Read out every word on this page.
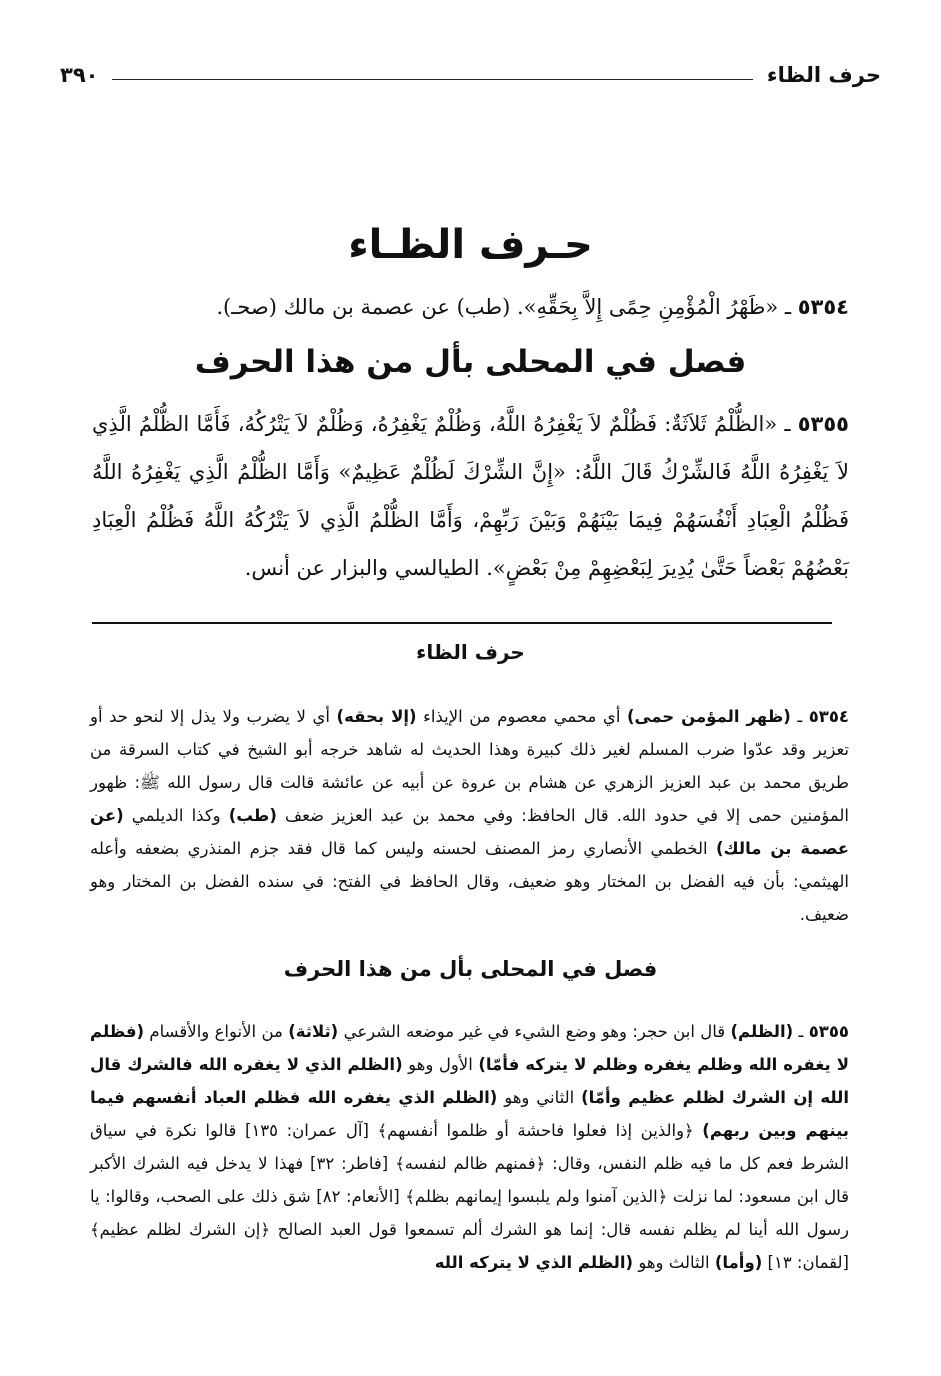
٣٩٠	حرف الظاء
حـرف الظـاء
٥٣٥٤ ـ «ظَهْرُ الْمُؤْمِنِ حِمًى إِلاَّ بِحَقِّهِ». (طب) عن عصمة بن مالك (صحـ).
فصل في المحلى بأل من هذا الحرف
٥٣٥٥ ـ «الظُّلْمُ ثَلاَثَةٌ: فَظُلْمٌ لاَ يَغْفِرُهُ اللَّهُ، وَظُلْمٌ يَغْفِرُهُ، وَظُلْمٌ لاَ يَتْرُكُهُ، فَأَمَّا الظُّلْمُ الَّذِي لاَ يَغْفِرُهُ اللَّهُ فَالشِّرْكُ قَالَ اللَّهُ: «إِنَّ الشِّرْكَ لَظُلْمٌ عَظِيمٌ» وَأَمَّا الظُّلْمُ الَّذِي يَغْفِرُهُ اللَّهُ فَظُلْمُ الْعِبَادِ أَنْفُسَهُمْ فِيمَا بَيْنَهُمْ وَبَيْنَ رَبِّهِمْ، وَأَمَّا الظُّلْمُ الَّذِي لاَ يَتْرُكُهُ اللَّهُ فَظُلْمُ الْعِبَادِ بَعْضُهُمْ بَعْضاً حَتَّىٰ يُدِيرَ لِبَعْضِهِمْ مِنْ بَعْضٍ». الطيالسي والبزار عن أنس.
حرف الظاء
٥٣٥٤ ـ (ظهر المؤمن حمى) أي محمي معصوم من الإيذاء (إلا بحقه) أي لا يضرب ولا يذل إلا لنحو حد أو تعزير وقد عدّوا ضرب المسلم لغير ذلك كبيرة وهذا الحديث له شاهد خرجه أبو الشيخ في كتاب السرقة من طريق محمد بن عبد العزيز الزهري عن هشام بن عروة عن أبيه عن عائشة قالت قال رسول الله ﷺ: ظهور المؤمنين حمى إلا في حدود الله. قال الحافظ: وفي محمد بن عبد العزيز ضعف (طب) وكذا الديلمي (عن عصمة بن مالك) الخطمي الأنصاري رمز المصنف لحسنه وليس كما قال فقد جزم المنذري بضعفه وأعله الهيثمي: بأن فيه الفضل بن المختار وهو ضعيف، وقال الحافظ في الفتح: في سنده الفضل بن المختار وهو ضعيف.
فصل في المحلى بأل من هذا الحرف
٥٣٥٥ ـ (الظلم) قال ابن حجر: وهو وضع الشيء في غير موضعه الشرعي (ثلاثة) من الأنواع والأقسام (فظلم لا يغفره الله وظلم يغفره وظلم لا يتركه فأمّا) الأول وهو (الظلم الذي لا يغفره الله فالشرك قال الله إن الشرك لظلم عظيم وأمّا) الثاني وهو (الظلم الذي يغفره الله فظلم العباد أنفسهم فيما بينهم وبين ربهم) ﴿والذين إذا فعلوا فاحشة أو ظلموا أنفسهم﴾ [آل عمران: ١٣٥] قالوا نكرة في سياق الشرط فعم كل ما فيه ظلم النفس، وقال: ﴿فمنهم ظالم لنفسه﴾ [فاطر: ٣٢] فهذا لا يدخل فيه الشرك الأكبر قال ابن مسعود: لما نزلت ﴿الذين آمنوا ولم يلبسوا إيمانهم بظلم﴾ [الأنعام: ٨٢] شق ذلك على الصحب، وقالوا: يا رسول الله أينا لم يظلم نفسه قال: إنما هو الشرك ألم تسمعوا قول العبد الصالح ﴿إن الشرك لظلم عظيم﴾ [لقمان: ١٣] (وأما) الثالث وهو (الظلم الذي لا يتركه الله
